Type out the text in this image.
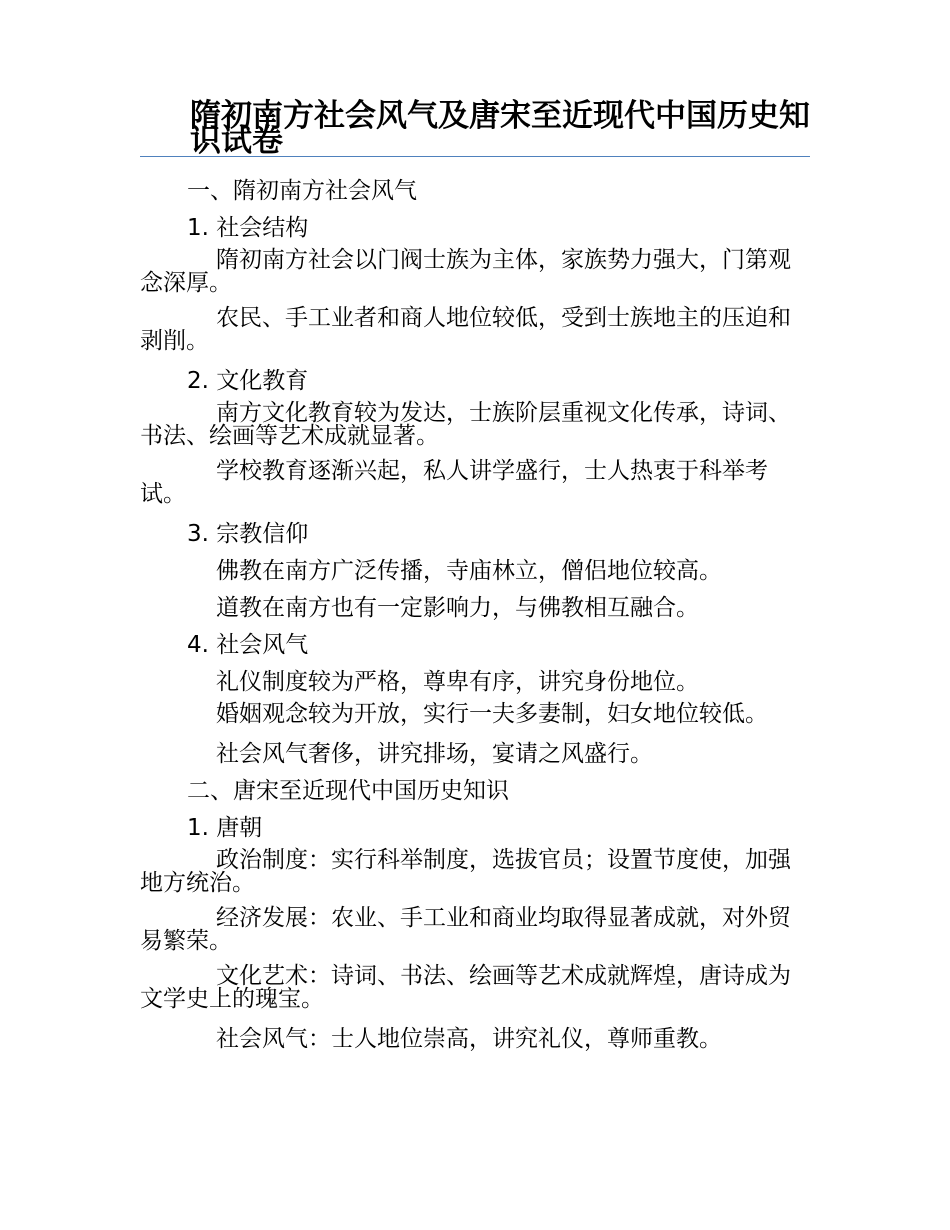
隋初南方社会风气及唐宋至近现代中国历史知识试卷

一、隋初南方社会风气

1. 社会结构

隋初南方社会以门阀士族为主体，家族势力强大，门第观念深厚。

农民、手工业者和商人地位较低，受到士族地主的压迫和剥削。

2. 文化教育

南方文化教育较为发达，士族阶层重视文化传承，诗词、书法、绘画等艺术成就显著。

学校教育逐渐兴起，私人讲学盛行，士人热衷于科举考试。

3. 宗教信仰

佛教在南方广泛传播，寺庙林立，僧侣地位较高。

道教在南方也有一定影响力，与佛教相互融合。

4. 社会风气

礼仪制度较为严格，尊卑有序，讲究身份地位。

婚姻观念较为开放，实行一夫多妻制，妇女地位较低。

社会风气奢侈，讲究排场，宴请之风盛行。

二、唐宋至近现代中国历史知识

1. 唐朝

政治制度：实行科举制度，选拔官员；设置节度使，加强地方统治。

经济发展：农业、手工业和商业均取得显著成就，对外贸易繁荣。

文化艺术：诗词、书法、绘画等艺术成就辉煌，唐诗成为文学史上的瑰宝。

社会风气：士人地位崇高，讲究礼仪，尊师重教。
